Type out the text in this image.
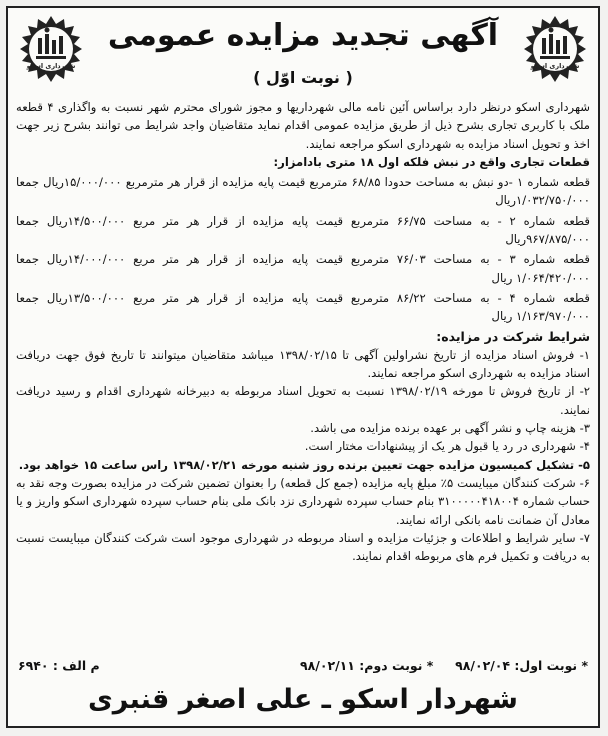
شهرداری اسکو	شهرداری اسکو
آگهی تجدید مزایده عمومی
( نوبت اوّل )

شهرداری اسکو درنظر دارد براساس آئین نامه مالی شهرداریها و مجوز شورای محترم شهر نسبت به واگذاری ۴ قطعه ملک با کاربری تجاری بشرح ذیل از طریق مزایده عمومی اقدام نماید متقاضیان واجد شرایط می توانند بشرح زیر جهت اخذ و تحویل اسناد مزایده به شهرداری اسکو مراجعه نمایند.

قطعات تجاری واقع در نبش فلکه اول ۱۸ متری بادامزار:

قطعه شماره ۱ -دو نبش به مساحت حدودا ۶۸/۸۵ مترمربع قیمت پایه مزایده از قرار هر مترمربع ۱۵/۰۰۰/۰۰۰ریال جمعا ۱/۰۳۲/۷۵۰/۰۰۰ریال

قطعه شماره ۲ - به مساحت ۶۶/۷۵ مترمربع قیمت پایه مزایده از قرار هر متر مربع ۱۴/۵۰۰/۰۰۰ریال جمعا ۹۶۷/۸۷۵/۰۰۰ریال

قطعه شماره ۳ - به مساحت ۷۶/۰۳ مترمربع قیمت پایه مزایده از قرار هر متر مربع ۱۴/۰۰۰/۰۰۰ریال جمعا ۱/۰۶۴/۴۲۰/۰۰۰ ریال

قطعه شماره ۴ - به مساحت ۸۶/۲۲ مترمربع قیمت پایه مزایده از قرار هر متر مربع ۱۳/۵۰۰/۰۰۰ریال جمعا ۱/۱۶۳/۹۷۰/۰۰۰ ریال

شرایط شرکت در مزایده:

۱- فروش اسناد مزایده از تاریخ نشراولین آگهی تا ۱۳۹۸/۰۲/۱۵ میباشد متقاضیان میتوانند تا تاریخ فوق جهت دریافت اسناد مزایده به شهرداری اسکو مراجعه نمایند.

۲- از تاریخ فروش تا مورخه ۱۳۹۸/۰۲/۱۹ نسبت به تحویل اسناد مربوطه به دبیرخانه شهرداری اقدام و رسید دریافت نمایند.

۳- هزینه چاپ و نشر آگهی بر عهده برنده مزایده می باشد.

۴- شهرداری در رد یا قبول هر یک از پیشنهادات مختار است.

۵- تشکیل کمیسیون مزایده جهت تعیین برنده روز شنبه مورخه ۱۳۹۸/۰۲/۲۱ راس ساعت ۱۵ خواهد بود.

۶- شرکت کنندگان میبایست ۵٪ مبلغ پایه مزایده (جمع کل قطعه) را بعنوان تضمین شرکت در مزایده بصورت وجه نقد به حساب شماره ۳۱۰۰۰۰۰۴۱۸۰۰۴ بنام حساب سپرده شهرداری نزد بانک ملی بنام حساب سپرده شهرداری اسکو واریز و یا معادل آن ضمانت نامه بانکی ارائه نمایند.

۷- سایر شرایط و اطلاعات و جزئیات مزایده و اسناد مربوطه در شهرداری موجود است شرکت کنندگان میبایست نسبت به دریافت و تکمیل فرم های مربوطه اقدام نمایند.

* نوبت اول: ۹۸/۰۲/۰۴     * نوبت دوم: ۹۸/۰۲/۱۱
م الف : ۶۹۴۰
شهردار اسکو ـ علی اصغر قنبری
